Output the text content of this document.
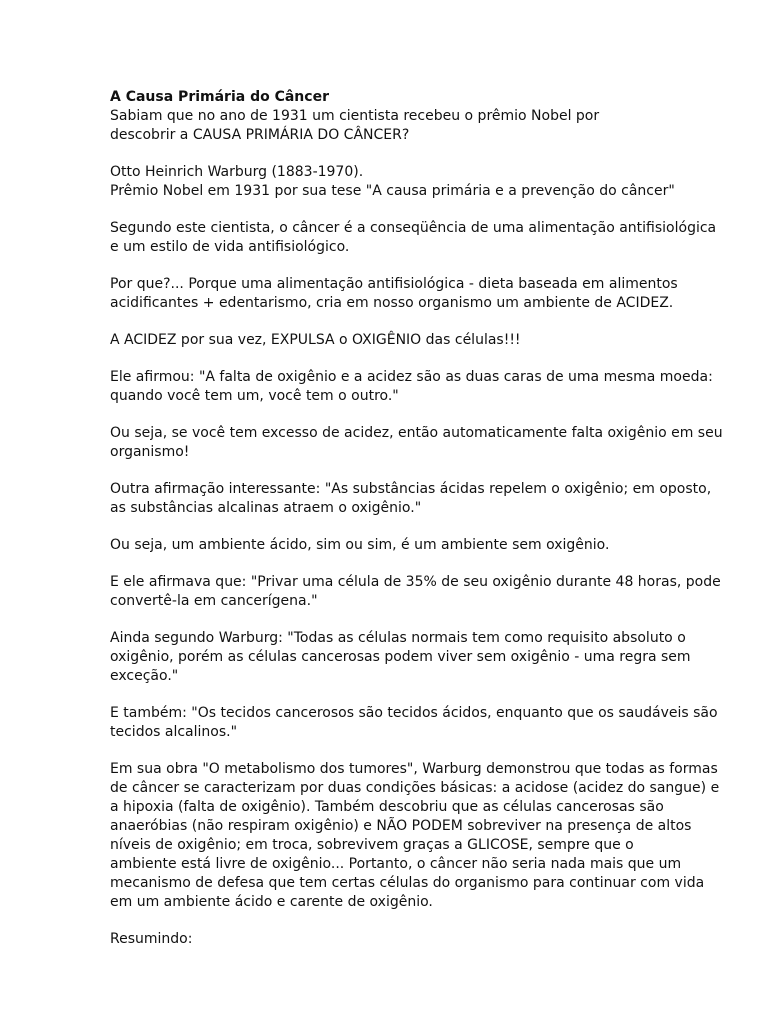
A Causa Primária do Câncer
Sabiam que no ano de 1931 um cientista recebeu o prêmio Nobel por
descobrir a CAUSA PRIMÁRIA DO CÂNCER?
Otto Heinrich Warburg (1883-1970).
Prêmio Nobel em 1931 por sua tese "A causa primária e a prevenção do câncer"
Segundo este cientista, o câncer é a conseqüência de uma alimentação antifisiológica
e um estilo de vida antifisiológico.
Por que?... Porque uma alimentação antifisiológica - dieta baseada em alimentos
acidificantes + edentarismo, cria em nosso organismo um ambiente de ACIDEZ.
A ACIDEZ por sua vez, EXPULSA o OXIGÊNIO das células!!!
Ele afirmou: "A falta de oxigênio e a acidez são as duas caras de uma mesma moeda:
quando você tem um, você tem o outro."
Ou seja, se você tem excesso de acidez, então automaticamente falta oxigênio em seu
organismo!
Outra afirmação interessante: "As substâncias ácidas repelem o oxigênio; em oposto,
as substâncias alcalinas atraem o oxigênio."
Ou seja, um ambiente ácido, sim ou sim, é um ambiente sem oxigênio.
E ele afirmava que: "Privar uma célula de 35% de seu oxigênio durante 48 horas, pode
convertê-la em cancerígena."
Ainda segundo Warburg: "Todas as células normais tem como requisito absoluto o
oxigênio, porém as células cancerosas podem viver sem oxigênio - uma regra sem
exceção."
E também: "Os tecidos cancerosos são tecidos ácidos, enquanto que os saudáveis são
tecidos alcalinos."
Em sua obra "O metabolismo dos tumores", Warburg demonstrou que todas as formas
de câncer se caracterizam por duas condições básicas: a acidose (acidez do sangue) e
a hipoxia (falta de oxigênio). Também descobriu que as células cancerosas são
anaeróbias (não respiram oxigênio) e NÃO PODEM sobreviver na presença de altos
níveis de oxigênio; em troca, sobrevivem graças a GLICOSE, sempre que o
ambiente está livre de oxigênio... Portanto, o câncer não seria nada mais que um
mecanismo de defesa que tem certas células do organismo para continuar com vida
em um ambiente ácido e carente de oxigênio.
Resumindo:
